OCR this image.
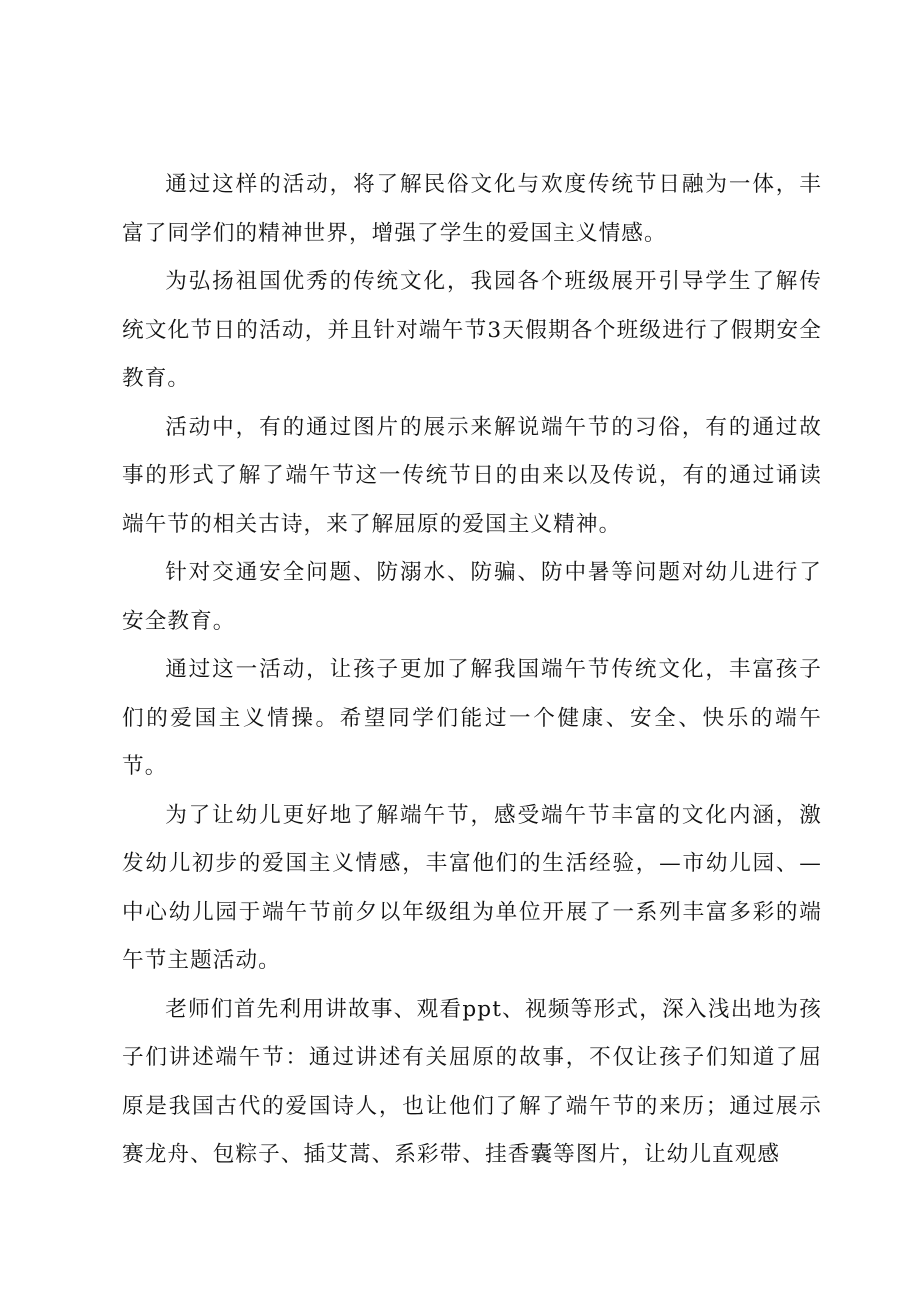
通过这样的活动，将了解民俗文化与欢度传统节日融为一体，丰富了同学们的精神世界，增强了学生的爱国主义情感。

为弘扬祖国优秀的传统文化，我园各个班级展开引导学生了解传统文化节日的活动，并且针对端午节3天假期各个班级进行了假期安全教育。

活动中，有的通过图片的展示来解说端午节的习俗，有的通过故事的形式了解了端午节这一传统节日的由来以及传说，有的通过诵读端午节的相关古诗，来了解屈原的爱国主义精神。

针对交通安全问题、防溺水、防骗、防中暑等问题对幼儿进行了安全教育。

通过这一活动，让孩子更加了解我国端午节传统文化，丰富孩子们的爱国主义情操。希望同学们能过一个健康、安全、快乐的端午节。

为了让幼儿更好地了解端午节，感受端午节丰富的文化内涵，激发幼儿初步的爱国主义情感，丰富他们的生活经验，—市幼儿园、—中心幼儿园于端午节前夕以年级组为单位开展了一系列丰富多彩的端午节主题活动。

老师们首先利用讲故事、观看ppt、视频等形式，深入浅出地为孩子们讲述端午节：通过讲述有关屈原的故事，不仅让孩子们知道了屈原是我国古代的爱国诗人，也让他们了解了端午节的来历；通过展示赛龙舟、包粽子、插艾蒿、系彩带、挂香囊等图片，让幼儿直观感
